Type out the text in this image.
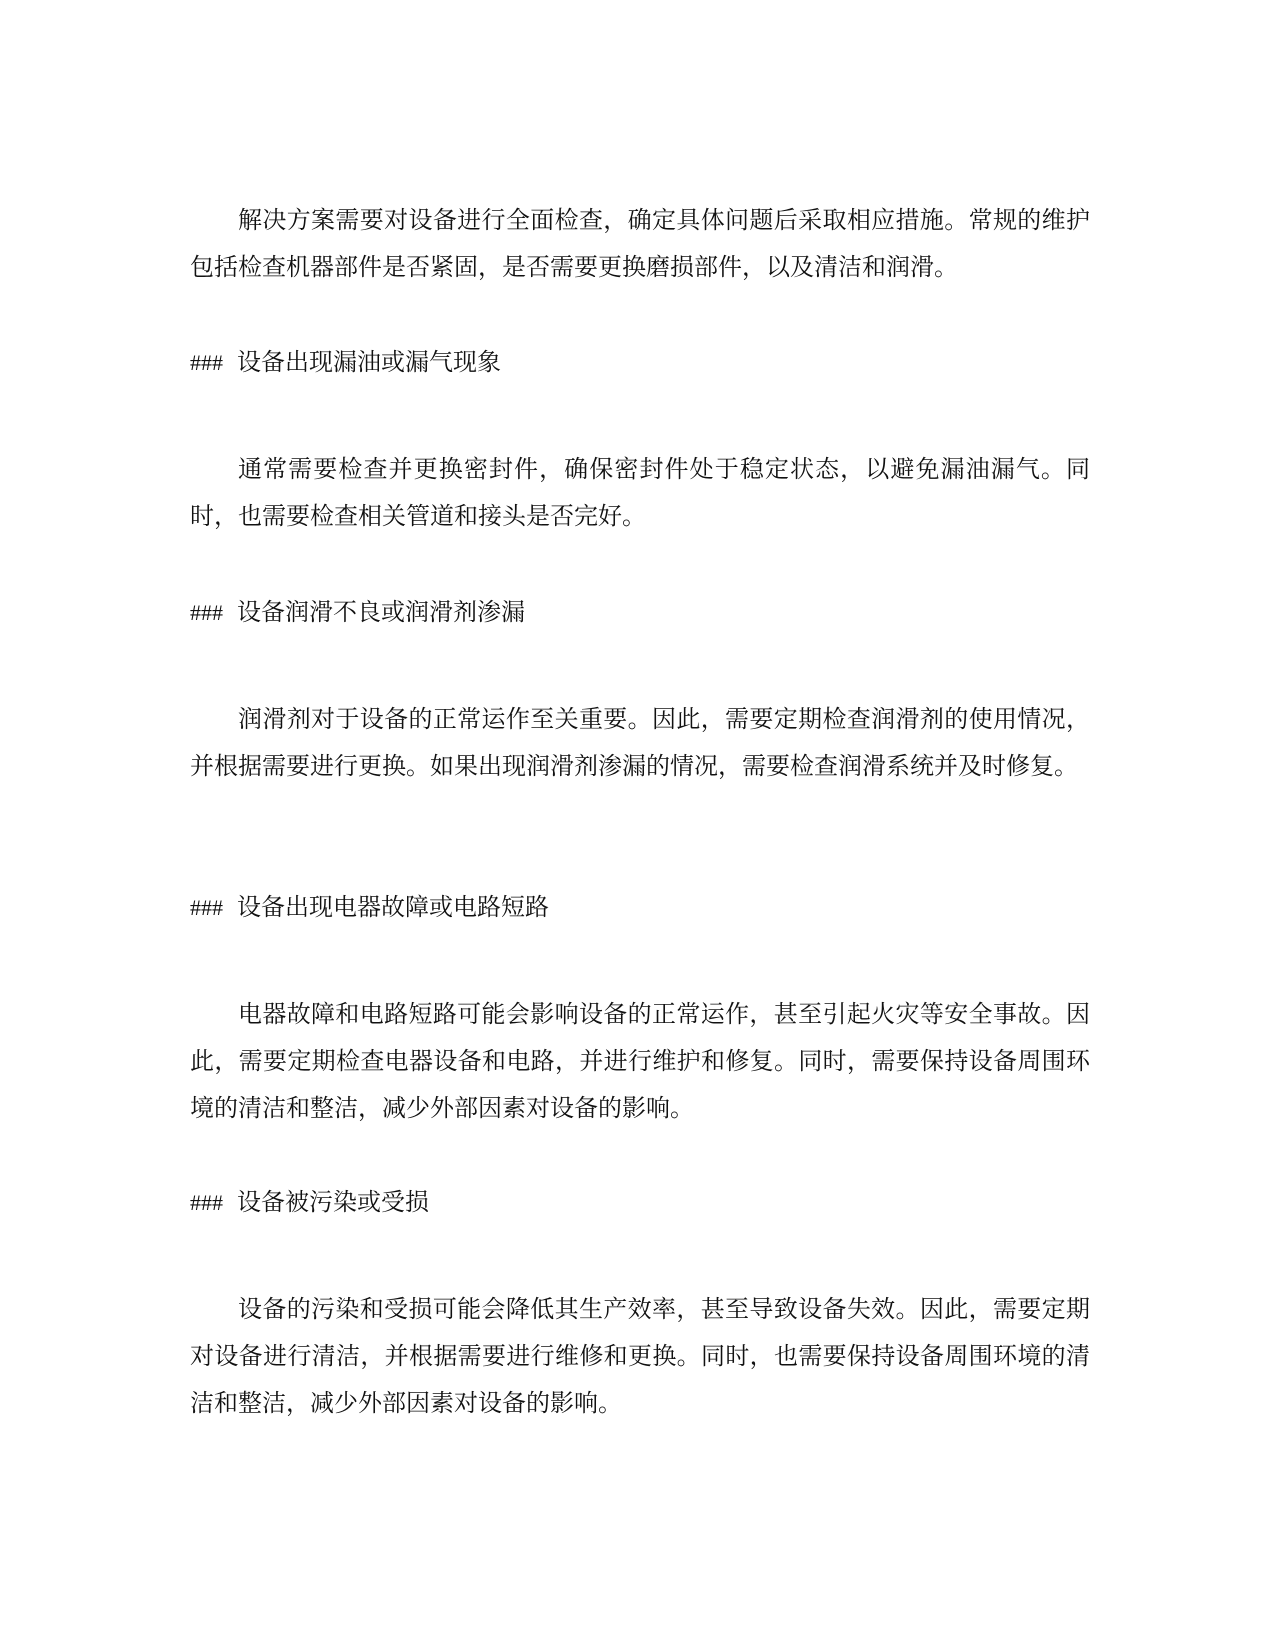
解决方案需要对设备进行全面检查，确定具体问题后采取相应措施。常规的维护包括检查机器部件是否紧固，是否需要更换磨损部件，以及清洁和润滑。
### 设备出现漏油或漏气现象
通常需要检查并更换密封件，确保密封件处于稳定状态，以避免漏油漏气。同时，也需要检查相关管道和接头是否完好。
### 设备润滑不良或润滑剂渗漏
润滑剂对于设备的正常运作至关重要。因此，需要定期检查润滑剂的使用情况，并根据需要进行更换。如果出现润滑剂渗漏的情况，需要检查润滑系统并及时修复。
### 设备出现电器故障或电路短路
电器故障和电路短路可能会影响设备的正常运作，甚至引起火灾等安全事故。因此，需要定期检查电器设备和电路，并进行维护和修复。同时，需要保持设备周围环境的清洁和整洁，减少外部因素对设备的影响。
### 设备被污染或受损
设备的污染和受损可能会降低其生产效率，甚至导致设备失效。因此，需要定期对设备进行清洁，并根据需要进行维修和更换。同时，也需要保持设备周围环境的清洁和整洁，减少外部因素对设备的影响。
